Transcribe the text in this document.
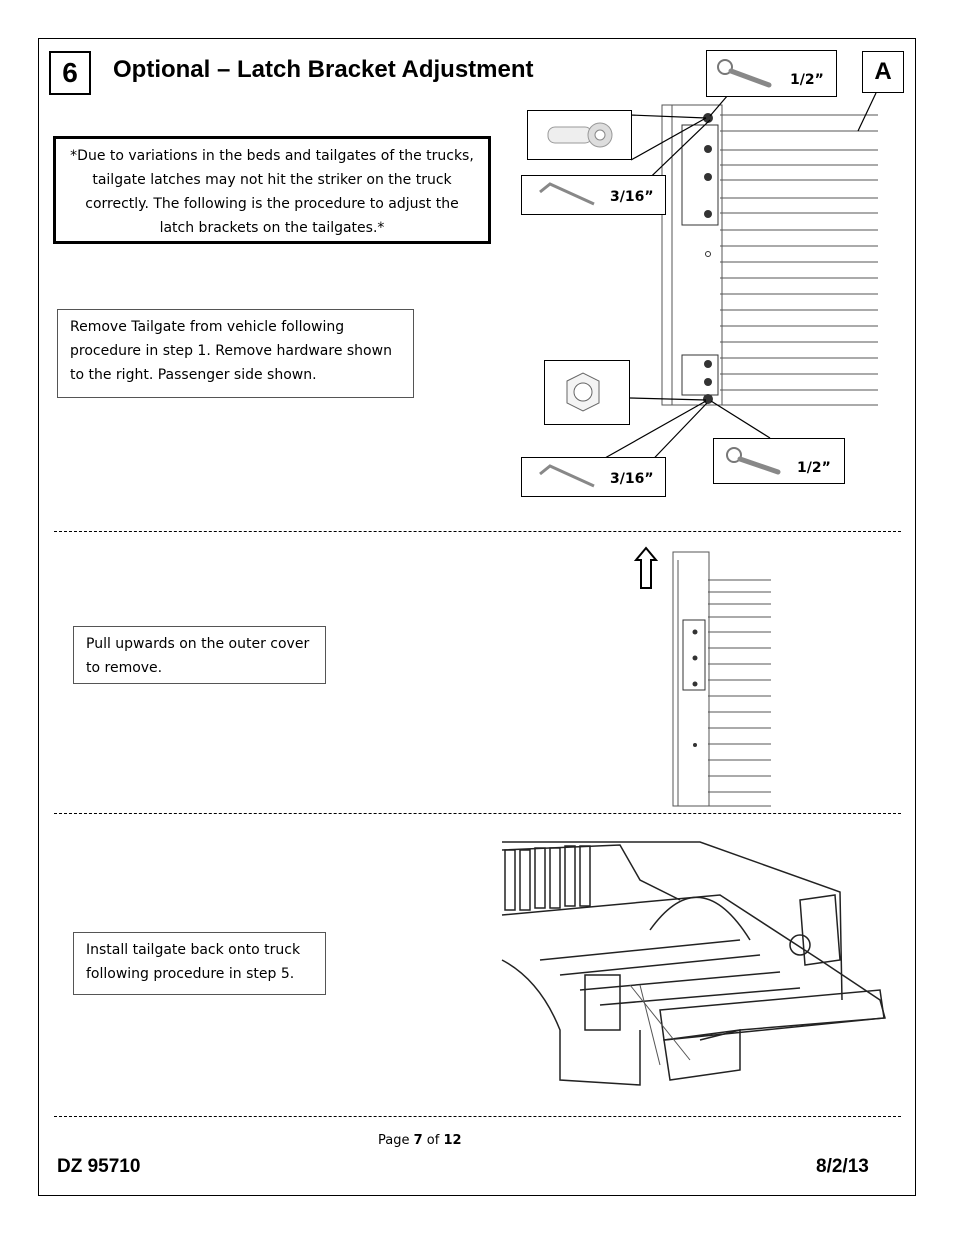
6	Optional – Latch Bracket Adjustment	A
*Due to variations in the beds and tailgates of the trucks, tailgate latches may not hit the striker on the truck correctly. The following is the procedure to adjust the latch brackets on the tailgates.*
Remove Tailgate from vehicle following procedure in step 1. Remove hardware shown to the right. Passenger side shown.
1/2”
3/16”
3/16”
1/2”
Pull upwards on the outer cover to remove.
Install tailgate back onto truck following procedure in step 5.
Page 7 of 12
DZ 95710	8/2/13
